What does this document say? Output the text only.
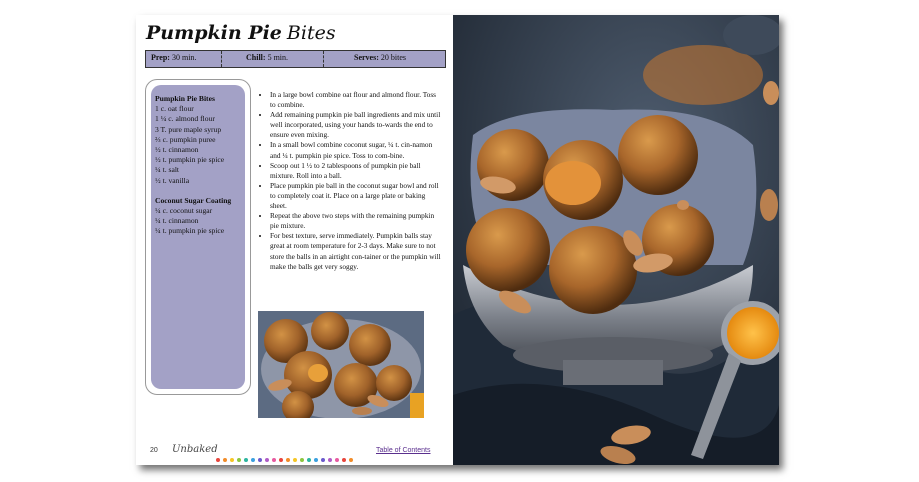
Pumpkin Pie Bites
Prep: 30 min.	Chill: 5 min.	Serves: 20 bites
Pumpkin Pie Bites
1 c. oat flour
1 ¼ c. almond flour
3 T. pure maple syrup
⅔ c. pumpkin puree
½ t. cinnamon
½ t. pumpkin pie spice
¼ t. salt
½ t. vanilla
Coconut Sugar Coating
¼ c. coconut sugar
¼ t. cinnamon
¼ t. pumpkin pie spice
• In a large bowl combine oat flour and almond flour. Toss to combine.
• Add remaining pumpkin pie ball ingredients and mix until well incorporated, using your hands to-wards the end to ensure even mixing.
• In a small bowl combine coconut sugar, ¼ t. cin-namon and ¼ t. pumpkin pie spice. Toss to com-bine.
• Scoop out 1 ½ to 2 tablespoons of pumpkin pie ball mixture. Roll into a ball.
• Place pumpkin pie ball in the coconut sugar bowl and roll to completely coat it. Place on a large plate or baking sheet.
• Repeat the above two steps with the remaining pumpkin pie mixture.
• For best texture, serve immediately. Pumpkin balls stay great at room temperature for 2-3 days. Make sure to not store the balls in an airtight con-tainer or the pumpkin will make the balls get very soggy.
20 Unbaked	Table of Contents
